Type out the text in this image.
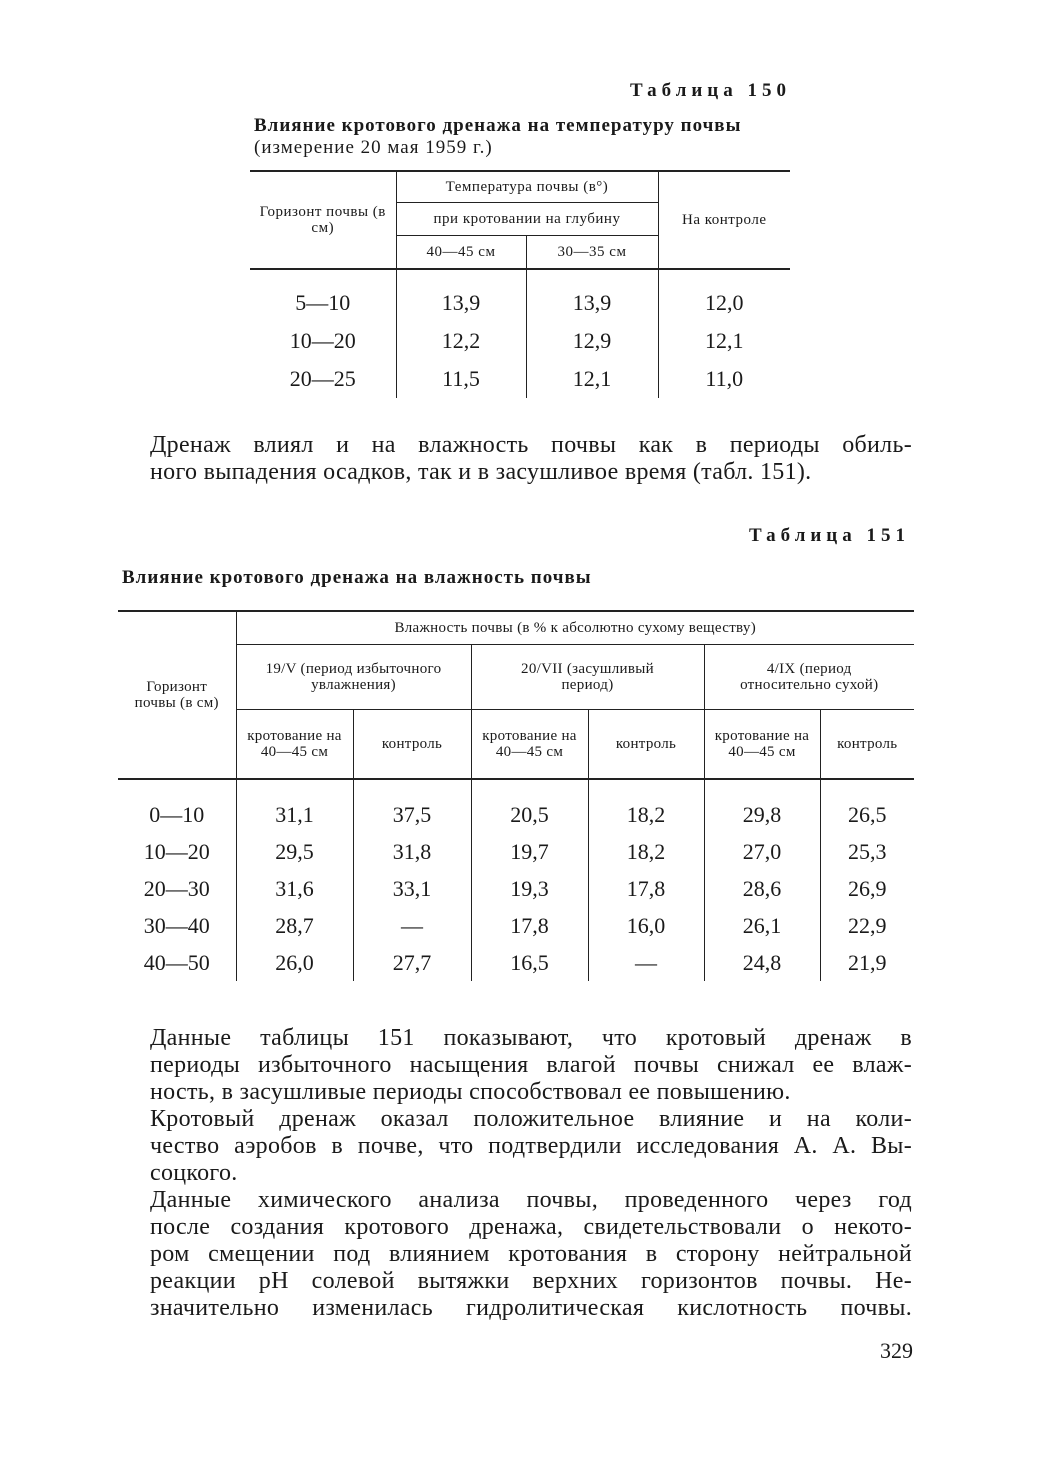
Таблица 150
Влияние кротового дренажа на температуру почвы
(измерение 20 мая 1959 г.)
Горизонт почвы (в см)	Температура почвы (в°)		На контроле
	при кротовании на глубину		
	40—45 см	30—35 см	
5—10	13,9	13,9	12,0
10—20	12,2	12,9	12,1
20—25	11,5	12,1	11,0
Дренаж влиял и на влажность почвы как в периоды обиль-
ного выпадения осадков, так и в засушливое время (табл. 151).
Таблица 151
Влияние кротового дренажа на влажность почвы
Горизонт почвы (в см)	Влажность почвы (в % к абсолютно сухому веществу)					
	19/V (период избыточного увлажнения)		20/VII (засушливый период)		4/IX (период относительно сухой)	
	кротование на 40—45 см	контроль	кротование на 40—45 см	контроль	кротование на 40—45 см	контроль
0—10	31,1	37,5	20,5	18,2	29,8	26,5
10—20	29,5	31,8	19,7	18,2	27,0	25,3
20—30	31,6	33,1	19,3	17,8	28,6	26,9
30—40	28,7	—	17,8	16,0	26,1	22,9
40—50	26,0	27,7	16,5	—	24,8	21,9
Данные таблицы 151 показывают, что кротовый дренаж в
периоды избыточного насыщения влагой почвы снижал ее влаж-
ность, в засушливые периоды способствовал ее повышению.
Кротовый дренаж оказал положительное влияние и на коли-
чество аэробов в почве, что подтвердили исследования А. А. Вы-
соцкого.
Данные химического анализа почвы, проведенного через год
после создания кротового дренажа, свидетельствовали о некото-
ром смещении под влиянием кротования в сторону нейтральной
реакции pH солевой вытяжки верхних горизонтов почвы. Не-
значительно изменилась гидролитическая кислотность почвы.
329
